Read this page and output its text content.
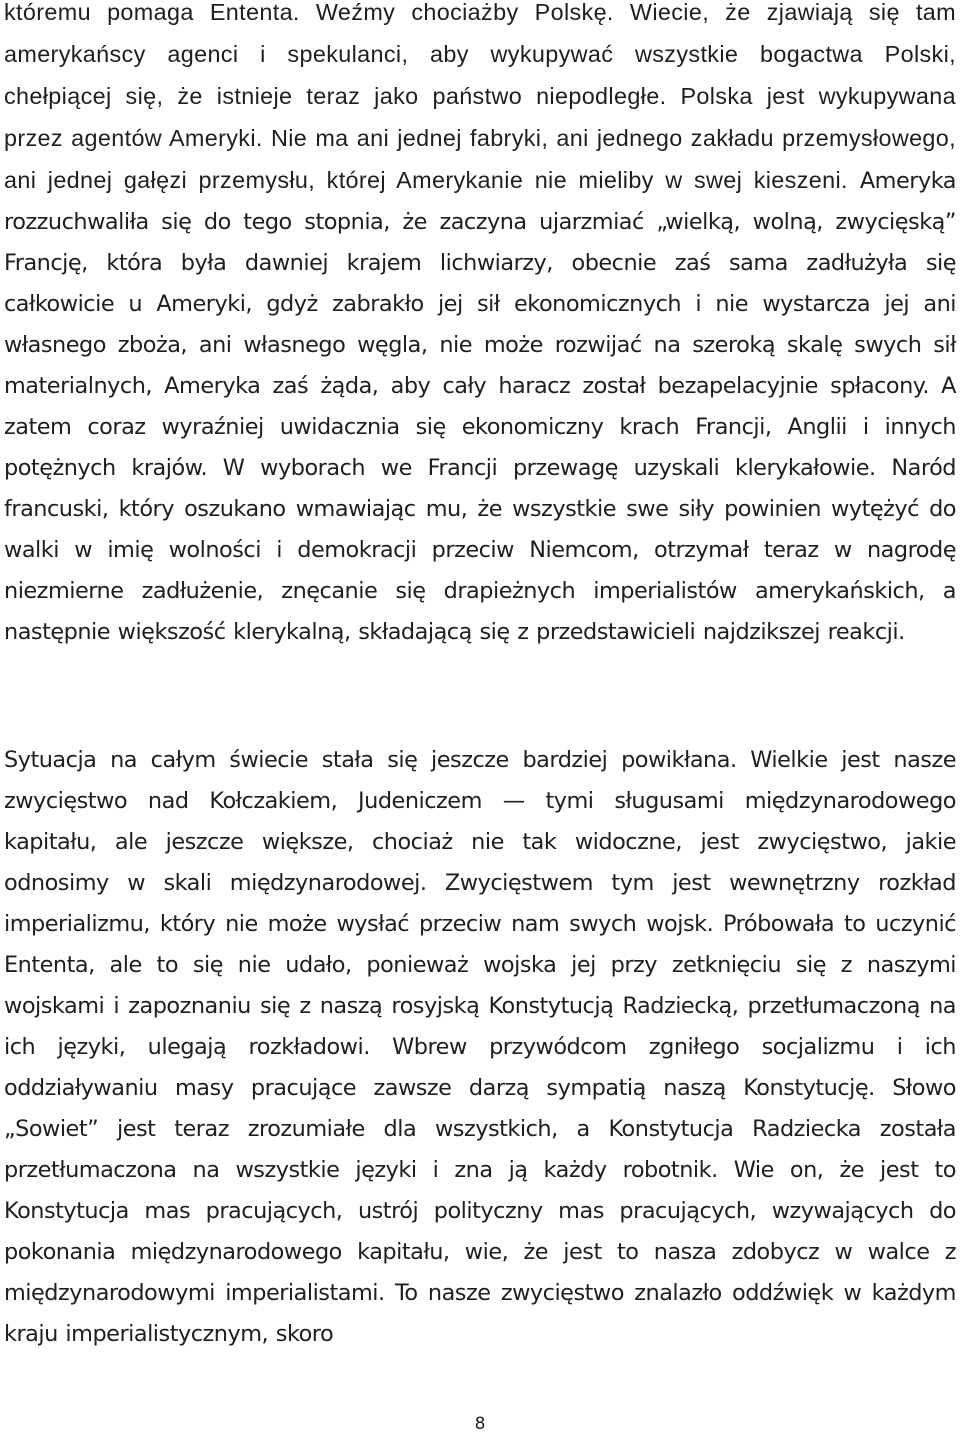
któremu pomaga Ententa. Weźmy chociażby Polskę. Wiecie, że zjawiają się tam amerykańscy agenci i spekulanci, aby wykupywać wszystkie bogactwa Polski, chełpiącej się, że istnieje teraz jako państwo niepodległe. Polska jest wykupywana przez agentów Ameryki. Nie ma ani jednej fabryki, ani jednego zakładu przemysłowego, ani jednej gałęzi przemysłu, której Amerykanie nie mieliby w swej kieszeni. Ameryka rozzuchwaliła się do tego stopnia, że zaczyna ujarzmiać „wielką, wolną, zwycięską” Francję, która była dawniej krajem lichwiarzy, obecnie zaś sama zadłużyła się całkowicie u Ameryki, gdyż zabrakło jej sił ekonomicznych i nie wystarcza jej ani własnego zboża, ani własnego węgla, nie może rozwijać na szeroką skalę swych sił materialnych, Ameryka zaś żąda, aby cały haracz został bezapelacyjnie spłacony. A zatem coraz wyraźniej uwidacznia się ekonomiczny krach Francji, Anglii i innych potężnych krajów. W wyborach we Francji przewagę uzyskali klerykałowie. Naród francuski, który oszukano wmawiając mu, że wszystkie swe siły powinien wytężyć do walki w imię wolności i demokracji przeciw Niemcom, otrzymał teraz w nagrodę niezmierne zadłużenie, znęcanie się drapieżnych imperialistów amerykańskich, a następnie większość klerykalną, składającą się z przedstawicieli najdzikszej reakcji.

Sytuacja na całym świecie stała się jeszcze bardziej powikłana. Wielkie jest nasze zwycięstwo nad Kołczakiem, Judeniczem — tymi sługusami międzynarodowego kapitału, ale jeszcze większe, chociaż nie tak widoczne, jest zwycięstwo, jakie odnosimy w skali międzynarodowej. Zwycięstwem tym jest wewnętrzny rozkład imperializmu, który nie może wysłać przeciw nam swych wojsk. Próbowała to uczynić Ententa, ale to się nie udało, ponieważ wojska jej przy zetknięciu się z naszymi wojskami i zapoznaniu się z naszą rosyjską Konstytucją Radziecką, przetłumaczoną na ich języki, ulegają rozkładowi. Wbrew przywódcom zgniłego socjalizmu i ich oddziaływaniu masy pracujące zawsze darzą sympatią naszą Konstytucję. Słowo „Sowiet” jest teraz zrozumiałe dla wszystkich, a Konstytucja Radziecka została przetłumaczona na wszystkie języki i zna ją każdy robotnik. Wie on, że jest to Konstytucja mas pracujących, ustrój polityczny mas pracujących, wzywających do pokonania międzynarodowego kapitału, wie, że jest to nasza zdobycz w walce z międzynarodowymi imperialistami. To nasze zwycięstwo znalazło oddźwięk w każdym kraju imperialistycznym, skoro

8
